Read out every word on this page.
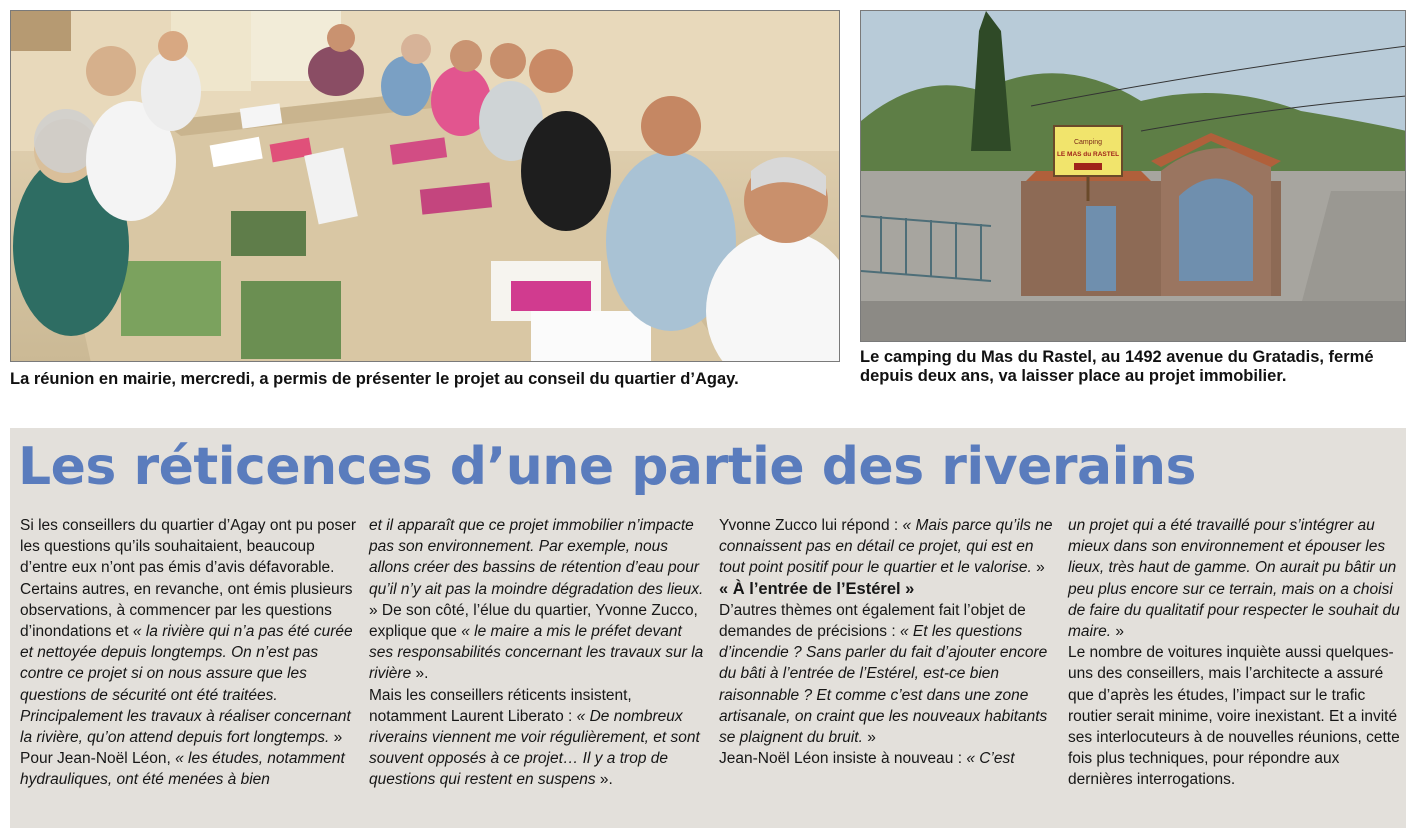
Camping
LE MAS du RASTEL
La réunion en mairie, mercredi, a permis de présenter le projet au conseil du quartier d’Agay.
Le camping du Mas du Rastel, au 1492 avenue du Gratadis, fermé depuis deux ans, va laisser place au projet immobilier.
Les réticences d’une partie des riverains

Si les conseillers du quartier d’Agay ont pu poser les questions qu’ils souhaitaient, beaucoup d’entre eux n’ont pas émis d’avis défavorable. Certains autres, en revanche, ont émis plusieurs observations, à commencer par les questions d’inondations et « la rivière qui n’a pas été curée et nettoyée depuis longtemps. On n’est pas contre ce projet si on nous assure que les questions de sécurité ont été traitées. Principalement les travaux à réaliser concernant la rivière, qu’on attend depuis fort longtemps. »

Pour Jean-Noël Léon, « les études, notamment hydrauliques, ont été menées à bien

et il apparaît que ce projet immobilier n’impacte pas son environnement. Par exemple, nous allons créer des bassins de rétention d’eau pour qu’il n’y ait pas la moindre dégradation des lieux. » De son côté, l’élue du quartier, Yvonne Zucco, explique que « le maire a mis le préfet devant ses responsabilités concernant les travaux sur la rivière ».

Mais les conseillers réticents insistent, notamment Laurent Liberato : « De nombreux riverains viennent me voir régulièrement, et sont souvent opposés à ce projet… Il y a trop de questions qui restent en suspens ».

Yvonne Zucco lui répond : « Mais parce qu’ils ne connaissent pas en détail ce projet, qui est en tout point positif pour le quartier et le valorise. »

« À l’entrée de l’Estérel »

D’autres thèmes ont également fait l’objet de demandes de précisions : « Et les questions d’incendie ? Sans parler du fait d’ajouter encore du bâti à l’entrée de l’Estérel, est-ce bien raisonnable ? Et comme c’est dans une zone artisanale, on craint que les nouveaux habitants se plaignent du bruit. »

Jean-Noël Léon insiste à nouveau : « C’est

un projet qui a été travaillé pour s’intégrer au mieux dans son environnement et épouser les lieux, très haut de gamme. On aurait pu bâtir un peu plus encore sur ce terrain, mais on a choisi de faire du qualitatif pour respecter le souhait du maire. »

Le nombre de voitures inquiète aussi quelques-uns des conseillers, mais l’architecte a assuré que d’après les études, l’impact sur le trafic routier serait minime, voire inexistant. Et a invité ses interlocuteurs à de nouvelles réunions, cette fois plus techniques, pour répondre aux dernières interrogations.
